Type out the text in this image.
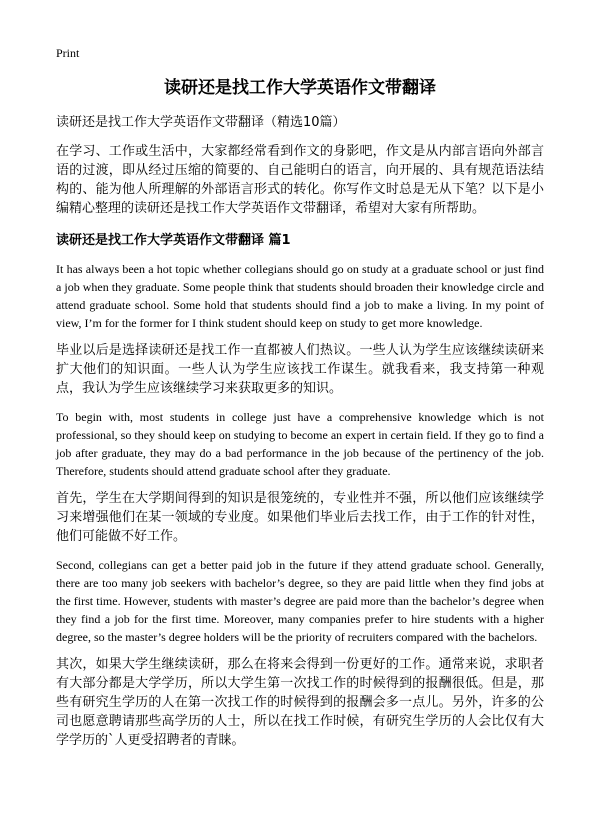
Print
读研还是找工作大学英语作文带翻译

读研还是找工作大学英语作文带翻译（精选10篇）

在学习、工作或生活中，大家都经常看到作文的身影吧，作文是从内部言语向外部言语的过渡，即从经过压缩的简要的、自己能明白的语言，向开展的、具有规范语法结构的、能为他人所理解的外部语言形式的转化。你写作文时总是无从下笔？以下是小编精心整理的读研还是找工作大学英语作文带翻译，希望对大家有所帮助。

读研还是找工作大学英语作文带翻译 篇1

It has always been a hot topic whether collegians should go on study at a graduate school or just find a job when they graduate. Some people think that students should broaden their knowledge circle and attend graduate school. Some hold that students should find a job to make a living. In my point of view, I’m for the former for I think student should keep on study to get more knowledge.

毕业以后是选择读研还是找工作一直都被人们热议。一些人认为学生应该继续读研来扩大他们的知识面。一些人认为学生应该找工作谋生。就我看来，我支持第一种观点，我认为学生应该继续学习来获取更多的知识。

To begin with, most students in college just have a comprehensive knowledge which is not professional, so they should keep on studying to become an expert in certain field. If they go to find a job after graduate, they may do a bad performance in the job because of the pertinency of the job. Therefore, students should attend graduate school after they graduate.

首先，学生在大学期间得到的知识是很笼统的，专业性并不强，所以他们应该继续学习来增强他们在某一领域的专业度。如果他们毕业后去找工作，由于工作的针对性，他们可能做不好工作。

Second, collegians can get a better paid job in the future if they attend graduate school. Generally, there are too many job seekers with bachelor’s degree, so they are paid little when they find jobs at the first time. However, students with master’s degree are paid more than the bachelor’s degree when they find a job for the first time. Moreover, many companies prefer to hire students with a higher degree, so the master’s degree holders will be the priority of recruiters compared with the bachelors.

其次，如果大学生继续读研，那么在将来会得到一份更好的工作。通常来说，求职者有大部分都是大学学历，所以大学生第一次找工作的时候得到的报酬很低。但是，那些有研究生学历的人在第一次找工作的时候得到的报酬会多一点儿。另外，许多的公司也愿意聘请那些高学历的人士，所以在找工作时候，有研究生学历的人会比仅有大学学历的`人更受招聘者的青睐。
